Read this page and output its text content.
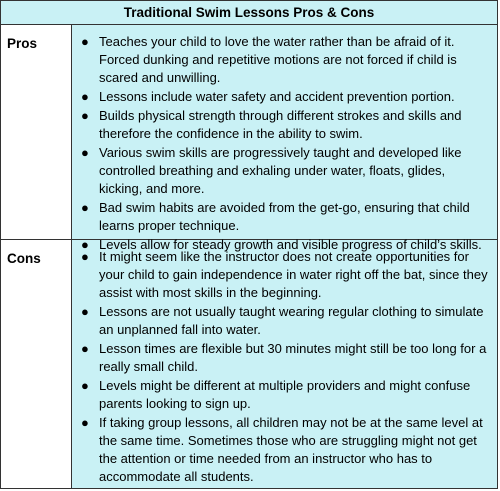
Traditional Swim Lessons Pros & Cons
Pros	● Teaches your child to love the water rather than be afraid of it. Forced dunking and repetitive motions are not forced if child is scared and unwilling.
● Lessons include water safety and accident prevention portion.
● Builds physical strength through different strokes and skills and therefore the confidence in the ability to swim.
● Various swim skills are progressively taught and developed like controlled breathing and exhaling under water, floats, glides, kicking, and more.
● Bad swim habits are avoided from the get-go, ensuring that child learns proper technique.
● Levels allow for steady growth and visible progress of child’s skills.
Cons	● It might seem like the instructor does not create opportunities for your child to gain independence in water right off the bat, since they assist with most skills in the beginning.
● Lessons are not usually taught wearing regular clothing to simulate an unplanned fall into water.
● Lesson times are flexible but 30 minutes might still be too long for a really small child.
● Levels might be different at multiple providers and might confuse parents looking to sign up.
● If taking group lessons, all children may not be at the same level at the same time. Sometimes those who are struggling might not get the attention or time needed from an instructor who has to accommodate all students.
